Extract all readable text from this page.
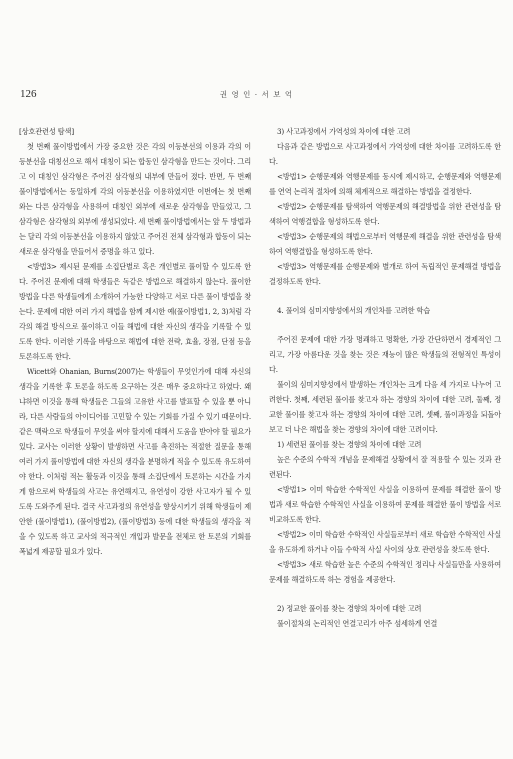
126	권 영 인 · 서 보 억

[상호관련성 탐색]

첫 번째 풀이방법에서 가장 중요한 것은 각의 이등분선의 이용과 각의 이등분선을 대칭선으로 해서 대칭이 되는 합동인 삼각형을 만드는 것이다. 그리고 이 대칭인 삼각형은 주어진 삼각형의 내부에 만들어 졌다. 반면, 두 번째 풀이방법에서는 동일하게 각의 이등분선을 이용하였지만 이번에는 첫 번째와는 다른 삼각형을 사용하여 대칭인 외부에 새로운 삼각형을 만들었고, 그 삼각형은 삼각형의 외부에 생성되었다. 세 번째 풀이방법에서는 앞 두 방법과는 달리 각의 이등분선을 이용하지 않았고 주어진 전체 삼각형과 합동이 되는 새로운 삼각형을 만들어서 증명을 하고 있다.

<방법3> 제시된 문제를 소집단별로 혹은 개인별로 풀이할 수 있도록 한다. 주어진 문제에 대해 학생들은 독같은 방법으로 해결하지 않는다. 풀이한 방법을 다른 학생들에게 소개하여 가능한 다양하고 서로 다른 풀이 방법을 찾는다. 문제에 대한 여러 가지 해법을 함께 제시한 예(풀이방법1, 2, 3)처럼 각각의 해결 방식으로 풀이하고 이들 해법에 대한 자신의 생각을 기록할 수 있도록 한다. 이러한 기록을 바탕으로 해법에 대한 전략, 효율, 장점, 단점 등을 토론하도록 한다.

Wicett와 Ohanian, Burns(2007)는 학생들이 무엇인가에 대해 자신의 생각을 기록한 후 토론을 하도록 요구하는 것은 매우 중요하다고 하였다. 왜냐하면 이것을 통해 학생들은 그들의 고유한 사고를 발표할 수 있을 뿐 아니라, 다른 사람들의 아이디어를 고민할 수 있는 기회를 가질 수 있기 때문이다. 같은 맥락으로 학생들이 무엇을 써야 할지에 대해서 도움을 받아야 할 필요가 있다. 교사는 이러한 상황이 발생하면 사고를 촉진하는 적절한 질문을 통해 여러 가지 풀이방법에 대한 자신의 생각을 분명하게 적을 수 있도록 유도하여야 한다. 이처럼 적는 활동과 이것을 통해 소집단에서 토론하는 시간을 가지게 함으로써 학생들의 사고는 유연해지고, 유연성이 강한 사고자가 될 수 있도록 도와주게 된다. 결국 사고과정의 유연성을 향상시키기 위해 학생들이 제안한 (풀이방법1), (풀이방법2), (풀이방법3) 등에 대한 학생들의 생각을 적을 수 있도록 하고 교사의 적극적인 개입과 발문을 전체로 한 토론의 기회를 폭넓게 제공할 필요가 있다.

3) 사고과정에서 가역성의 차이에 대한 고려

다음과 같은 방법으로 사고과정에서 가역성에 대한 차이를 고려하도록 한다.

<방법1> 순행문제와 역행문제를 동시에 제시하고, 순행문제와 역행문제를 연역 논리적 절차에 의해 체계적으로 해결하는 방법을 결정한다.

<방법2> 순행문제를 탐색하여 역행문제의 해결방법을 위한 관련성을 탐색하여 역행결합을 형성하도록 한다.

<방법3> 순행문제의 해법으로부터 역행문제 해결을 위한 관련성을 탐색하여 역행결합을 형성하도록 한다.

<방법3> 역행문제를 순행문제와 별개로 하여 독립적인 문제해결 방법을 결정하도록 한다.

4. 풀이의 심미지향성에서의 개인차를 고려한 학습

주어진 문제에 대한 가장 명쾌하고 명확한, 가장 간단하면서 경제적인 그리고, 가장 아름다운 것을 찾는 것은 재능이 많은 학생들의 전형적인 특성이다.

풀이의 심미지향성에서 발생하는 개인차는 크게 다음 세 가지로 나누어 고려한다. 첫째, 세련된 풀이를 찾고자 하는 경향의 차이에 대한 고려, 둘째, 정교한 풀이를 찾고자 하는 경향의 차이에 대한 고려, 셋째, 풀이과정을 되돌아보고 더 나은 해법을 찾는 경향의 차이에 대한 고려이다.

1) 세련된 풀이를 찾는 경향의 차이에 대한 고려

높은 수준의 수학적 개념을 문제해결 상황에서 잘 적용할 수 있는 것과 관련된다.

<방법1> 이미 학습한 수학적인 사실을 이용하여 문제를 해결한 풀이 방법과 새로 학습한 수학적인 사실을 이용하여 문제를 해결한 풀이 방법을 서로 비교하도록 한다.

<방법2> 이미 학습한 수학적인 사실들로부터 새로 학습한 수학적인 사실을 유도하게 하거나 이들 수학적 사실 사이의 상호 관련성을 찾도록 한다.

<방법3> 새로 학습한 높은 수준의 수학적인 정리나 사실들만을 사용하여 문제를 해결하도록 하는 경험을 제공한다.

2) 정교한 풀이를 찾는 경향의 차이에 대한 고려

풀이절차의 논리적인 연결고리가 아주 섬세하게 연결
